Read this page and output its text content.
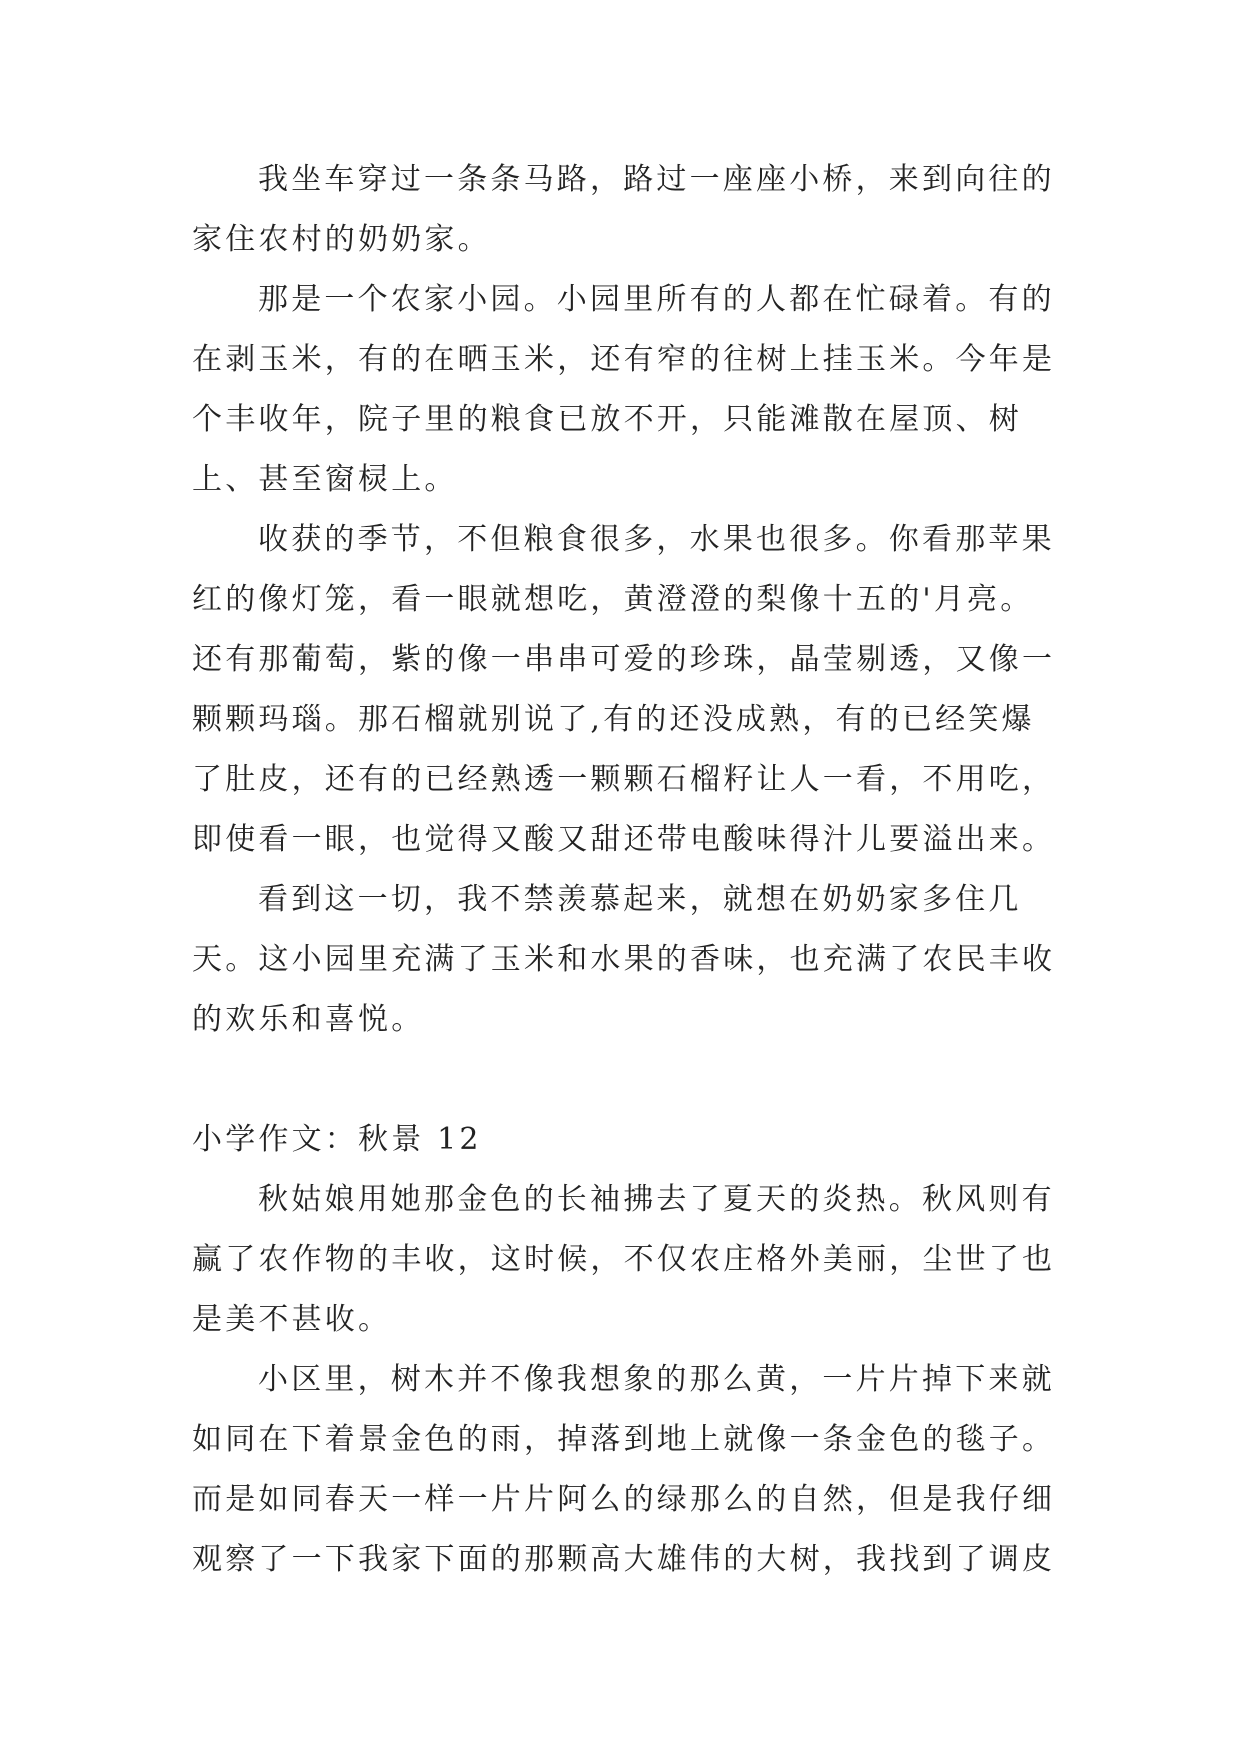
我坐车穿过一条条马路，路过一座座小桥，来到向往的家住农村的奶奶家。

那是一个农家小园。小园里所有的人都在忙碌着。有的在剥玉米，有的在晒玉米，还有窄的往树上挂玉米。今年是个丰收年，院子里的粮食已放不开，只能滩散在屋顶、树上、甚至窗棂上。

收获的季节，不但粮食很多，水果也很多。你看那苹果红的像灯笼，看一眼就想吃，黄澄澄的梨像十五的'月亮。还有那葡萄，紫的像一串串可爱的珍珠，晶莹剔透，又像一颗颗玛瑙。那石榴就别说了,有的还没成熟，有的已经笑爆了肚皮，还有的已经熟透一颗颗石榴籽让人一看，不用吃，即使看一眼，也觉得又酸又甜还带电酸味得汁儿要溢出来。

看到这一切，我不禁羡慕起来，就想在奶奶家多住几天。这小园里充满了玉米和水果的香味，也充满了农民丰收的欢乐和喜悦。

小学作文：秋景 12

秋姑娘用她那金色的长袖拂去了夏天的炎热。秋风则有赢了农作物的丰收，这时候，不仅农庄格外美丽，尘世了也是美不甚收。

小区里，树木并不像我想象的那么黄，一片片掉下来就如同在下着景金色的雨，掉落到地上就像一条金色的毯子。而是如同春天一样一片片阿么的绿那么的自然，但是我仔细观察了一下我家下面的那颗高大雄伟的大树，我找到了调皮
